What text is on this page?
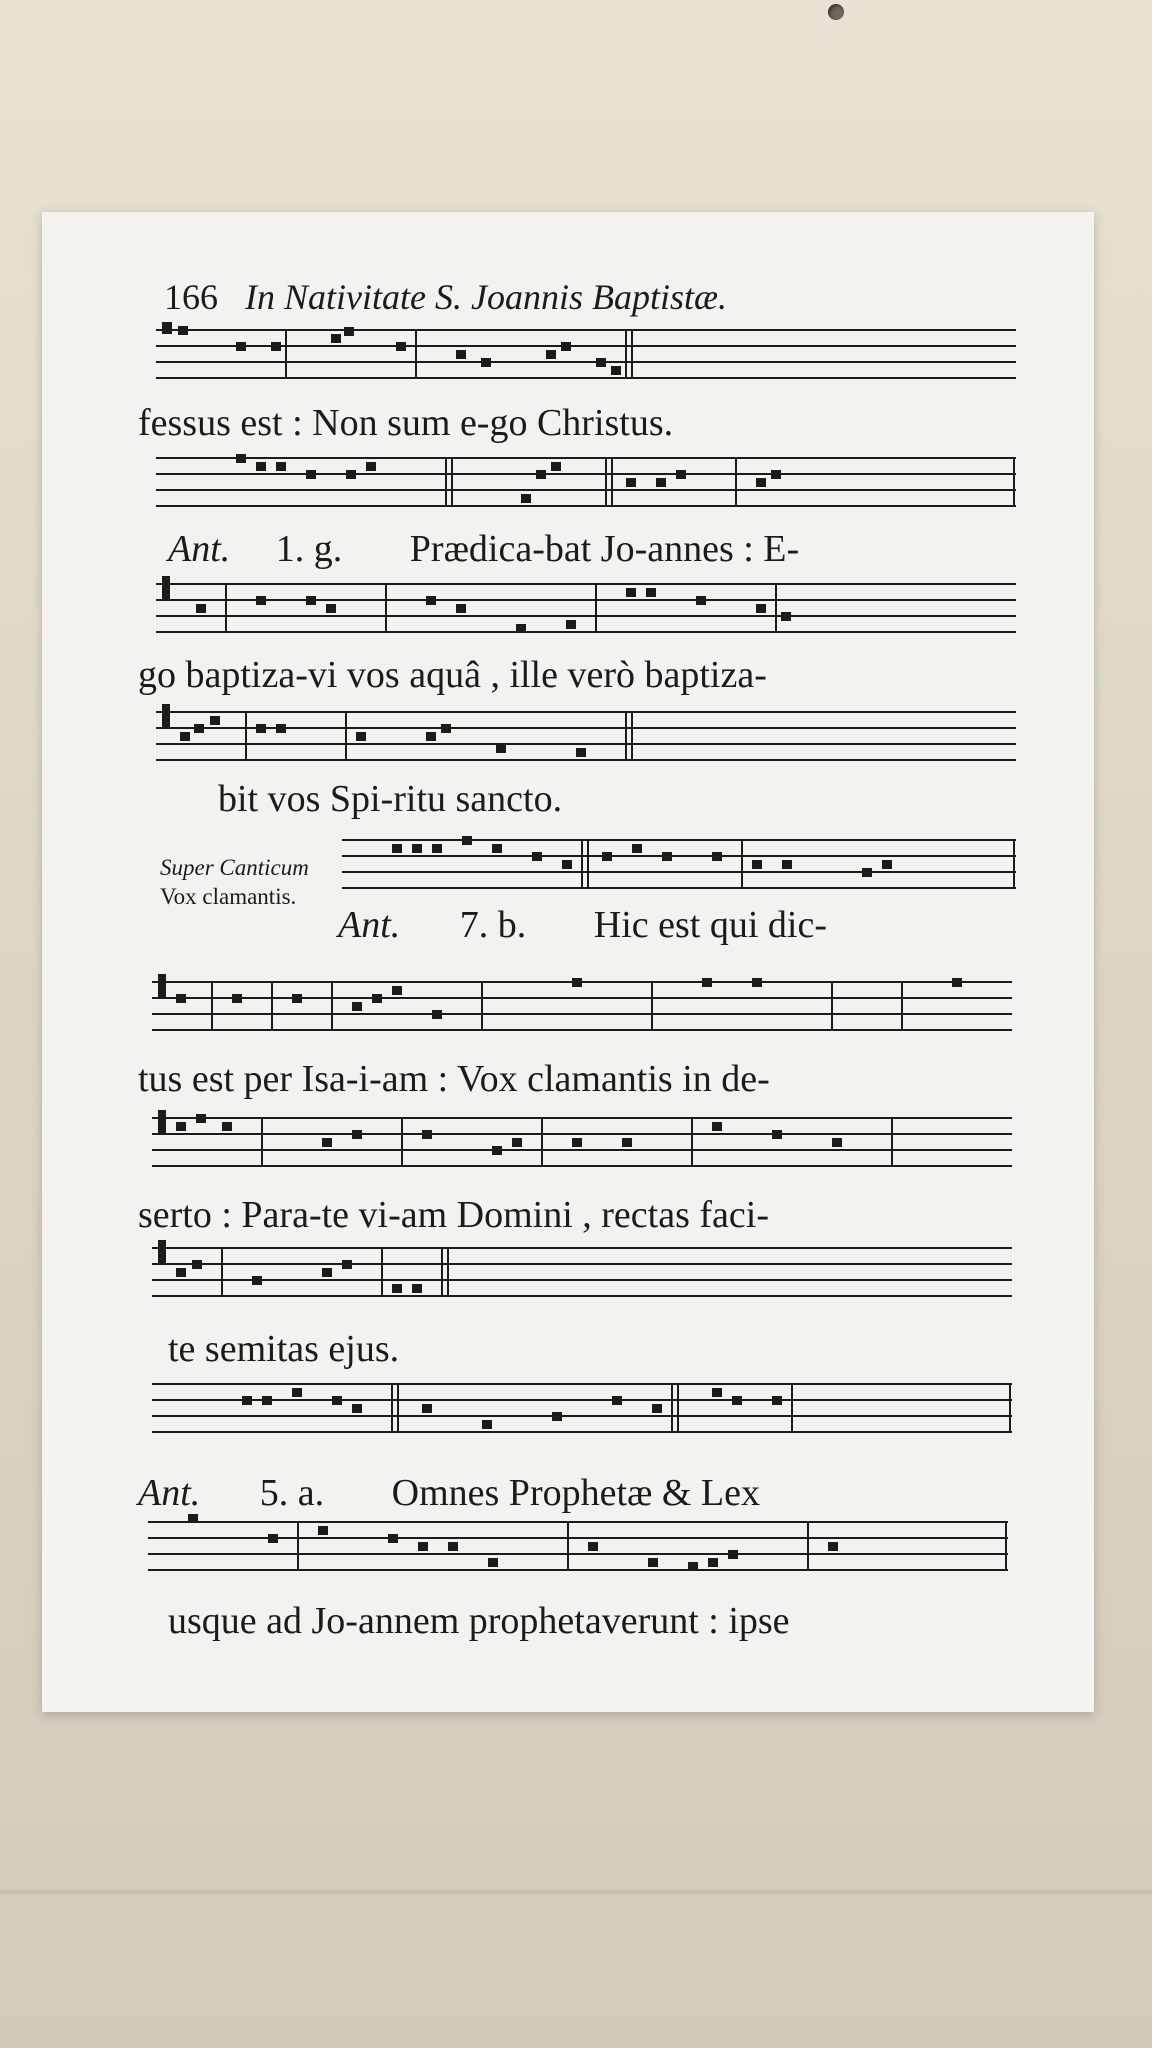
166 In Nativitate S. Joannis Baptistæ.
fessus est : Non sum e-go Christus.
Ant. 1. g. Prædica-bat Jo-annes : E-
go baptiza-vi vos aquâ , ille verò baptiza-
bit vos Spi-ritu sancto.
Super Canticum
Vox clamantis.
Ant. 7. b. Hic est qui dic-
tus est per Isa-i-am : Vox clamantis in de-
serto : Para-te vi-am Domini , rectas faci-
te semitas ejus.
Ant. 5. a. Omnes Prophetæ & Lex
usque ad Jo-annem prophetaverunt : ipse
